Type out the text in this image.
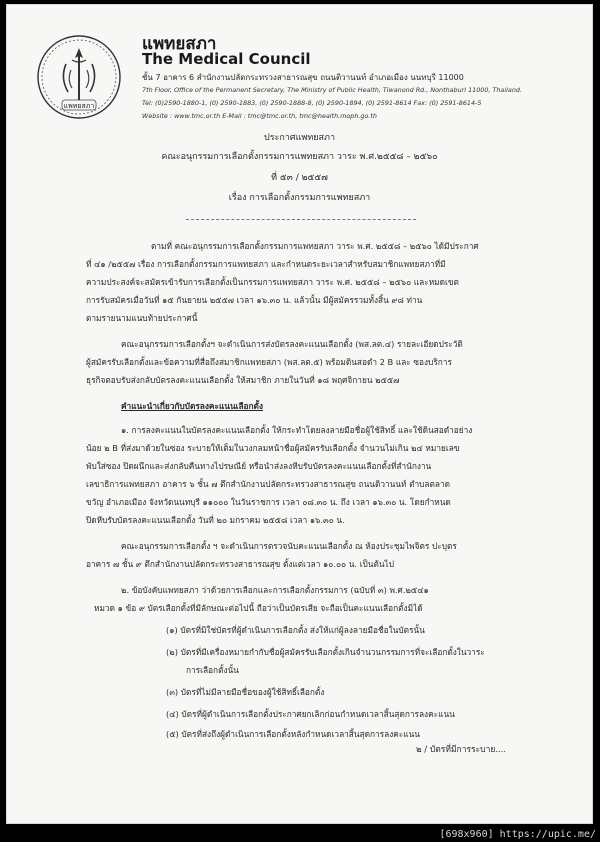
แพทยสภา
แพทยสภา
The Medical Council
ชั้น 7 อาคาร 6 สำนักงานปลัดกระทรวงสาธารณสุข ถนนติวานนท์ อำเภอเมือง นนทบุรี 11000
7th Floor, Office of the Permanent Secretary, The Ministry of Public Health, Tiwanond Rd., Nonthaburi 11000, Thailand.
Tel: (0)2590-1880-1, (0) 2590-1883, (0) 2590-1888-8, (0) 2590-1894, (0) 2591-8614 Fax: (0) 2591-8614-5
Website : www.tmc.or.th E-Mail : tmc@tmc.or.th, tmc@health.moph.go.th
ประกาศแพทยสภา
คณะอนุกรรมการเลือกตั้งกรรมการแพทยสภา วาระ พ.ศ.๒๕๕๘ – ๒๕๖๐
ที่ ๕๓ / ๒๕๕๗
เรื่อง การเลือกตั้งกรรมการแพทยสภา
ตามที่ คณะอนุกรรมการเลือกตั้งกรรมการแพทยสภา วาระ พ.ศ. ๒๕๕๘ – ๒๕๖๐ ได้มีประกาศ
ที่ ๔๑ /๒๕๕๗ เรื่อง การเลือกตั้งกรรมการแพทยสภา และกำหนดระยะเวลาสำหรับสมาชิกแพทยสภาที่มี
ความประสงค์จะสมัครเข้ารับการเลือกตั้งเป็นกรรมการแพทยสภา วาระ พ.ศ. ๒๕๕๘ – ๒๕๖๐ และหมดเขต
การรับสมัครเมื่อวันที่ ๑๕ กันยายน ๒๕๕๗ เวลา ๑๖.๓๐ น. แล้วนั้น มีผู้สมัครรวมทั้งสิ้น ๙๘ ท่าน
ตามรายนามแนบท้ายประกาศนี้
คณะอนุกรรมการเลือกตั้งฯ จะดำเนินการส่งบัตรลงคะแนนเลือกตั้ง (พส.ลต.๔) รายละเอียดประวัติ
ผู้สมัครรับเลือกตั้งและข้อความที่สื่อถึงสมาชิกแพทยสภา (พส.ลต.๕) พร้อมดินสอดำ 2 B และ ซองบริการ
ธุรกิจตอบรับส่งกลับบัตรลงคะแนนเลือกตั้ง ให้สมาชิก ภายในวันที่ ๑๘ พฤศจิกายน ๒๕๕๗
คำแนะนำเกี่ยวกับบัตรลงคะแนนเลือกตั้ง
๑. การลงคะแนนในบัตรลงคะแนนเลือกตั้ง ให้กระทำโดยลงลายมือชื่อผู้ใช้สิทธิ์ และใช้ดินสอดำอย่าง
น้อย ๒ B ที่ส่งมาด้วยในซอง ระบายให้เต็มในวงกลมหน้าชื่อผู้สมัครรับเลือกตั้ง จำนวนไม่เกิน ๒๔ หมายเลข
พับใส่ซอง ปิดผนึกและส่งกลับคืนทางไปรษณีย์ หรือนำส่งลงหีบรับบัตรลงคะแนนเลือกตั้งที่สำนักงาน
เลขาธิการแพทยสภา อาคาร ๖ ชั้น ๗ ตึกสำนักงานปลัดกระทรวงสาธารณสุข ถนนติวานนท์ ตำบลตลาด
ขวัญ อำเภอเมือง จังหวัดนนทบุรี ๑๑๐๐๐ ในวันราชการ เวลา ๐๘.๓๐ น. ถึง เวลา ๑๖.๓๐ น. โดยกำหนด
ปิดหีบรับบัตรลงคะแนนเลือกตั้ง วันที่ ๒๐ มกราคม ๒๕๕๘ เวลา ๑๖.๓๐ น.
คณะอนุกรรมการเลือกตั้ง ฯ จะดำเนินการตรวจนับคะแนนเลือกตั้ง ณ ห้องประชุมไพจิตร ปะบุตร
อาคาร ๗ ชั้น ๙ ตึกสำนักงานปลัดกระทรวงสาธารณสุข ตั้งแต่เวลา ๑๐.๐๐ น. เป็นต้นไป
๒. ข้อบังคับแพทยสภา ว่าด้วยการเลือกและการเลือกตั้งกรรมการ (ฉบับที่ ๓) พ.ศ.๒๕๔๑
หมวด ๑ ข้อ ๙ บัตรเลือกตั้งที่มีลักษณะต่อไปนี้ ถือว่าเป็นบัตรเสีย จะถือเป็นคะแนนเลือกตั้งมิได้
(๑) บัตรที่มิใช่บัตรที่ผู้ดำเนินการเลือกตั้ง ส่งให้แก่ผู้ลงลายมือชื่อในบัตรนั้น
(๒) บัตรที่มีเครื่องหมายกำกับชื่อผู้สมัครรับเลือกตั้งเกินจำนวนกรรมการที่จะเลือกตั้งในวาระ
การเลือกตั้งนั้น
(๓) บัตรที่ไม่มีลายมือชื่อของผู้ใช้สิทธิ์เลือกตั้ง
(๔) บัตรที่ผู้ดำเนินการเลือกตั้งประกาศยกเลิกก่อนกำหนดเวลาสิ้นสุดการลงคะแนน
(๕) บัตรที่ส่งถึงผู้ดำเนินการเลือกตั้งหลังกำหนดเวลาสิ้นสุดการลงคะแนน
๒ / บัตรที่มีการระบาย....
[698x960] https://upic.me/
